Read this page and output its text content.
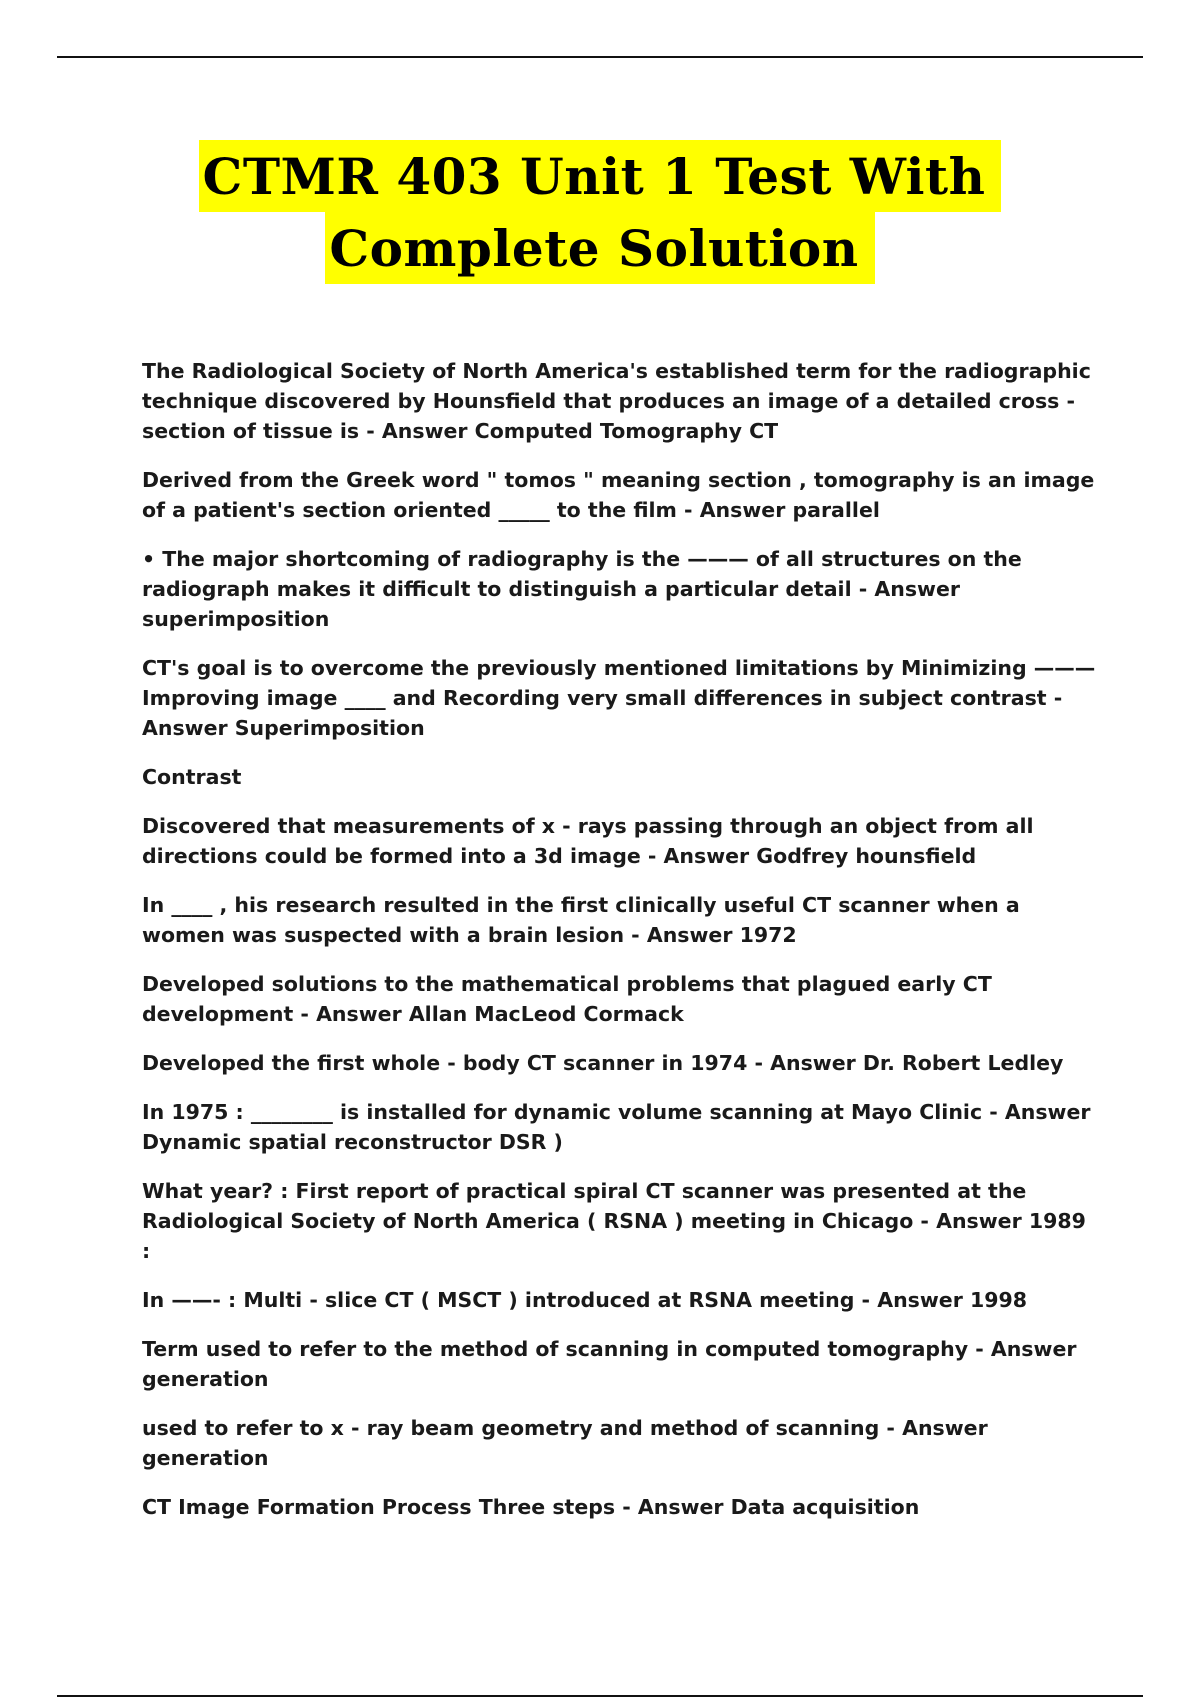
CTMR 403 Unit 1 Test With
Complete Solution

The Radiological Society of North America's established term for the radiographic technique discovered by Hounsfield that produces an image of a detailed cross - section of tissue is - Answer Computed Tomography CT

Derived from the Greek word " tomos " meaning section , tomography is an image of a patient's section oriented _____ to the film - Answer parallel

• The major shortcoming of radiography is the ——— of all structures on the radiograph makes it difficult to distinguish a particular detail - Answer superimposition

CT's goal is to overcome the previously mentioned limitations by Minimizing ——— Improving image ____ and Recording very small differences in subject contrast - Answer Superimposition

Contrast

Discovered that measurements of x - rays passing through an object from all directions could be formed into a 3d image - Answer Godfrey hounsfield

In ____ , his research resulted in the first clinically useful CT scanner when a women was suspected with a brain lesion - Answer 1972

Developed solutions to the mathematical problems that plagued early CT development - Answer Allan MacLeod Cormack

Developed the first whole - body CT scanner in 1974 - Answer Dr. Robert Ledley

In 1975 : ________ is installed for dynamic volume scanning at Mayo Clinic - Answer Dynamic spatial reconstructor DSR )

What year? : First report of practical spiral CT scanner was presented at the Radiological Society of North America ( RSNA ) meeting in Chicago - Answer 1989 :

In ——- : Multi - slice CT ( MSCT ) introduced at RSNA meeting - Answer 1998

Term used to refer to the method of scanning in computed tomography - Answer generation

used to refer to x - ray beam geometry and method of scanning - Answer generation

CT Image Formation Process Three steps - Answer Data acquisition
